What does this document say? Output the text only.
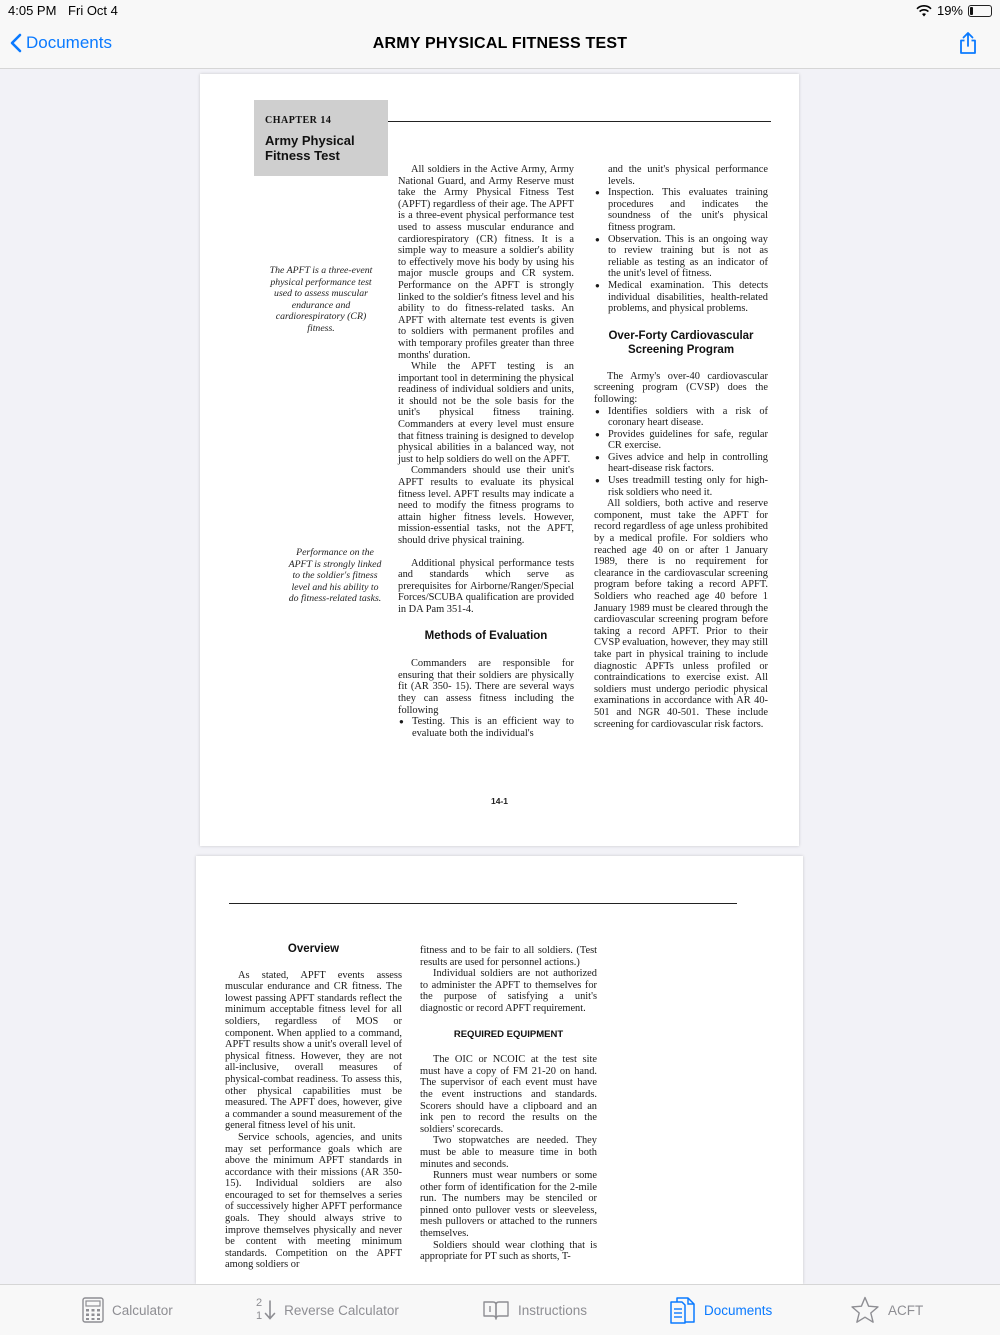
4:05 PM Fri Oct 4	19%
Documents	ARMY PHYSICAL FITNESS TEST
CHAPTER 14
Army Physical
Fitness Test
The APFT is a three-event physical performance test used to assess muscular endurance and cardiorespiratory (CR) fitness.
Performance on the APFT is strongly linked to the soldier's fitness level and his ability to do fitness-related tasks.

All soldiers in the Active Army, Army National Guard, and Army Reserve must take the Army Physical Fitness Test (APFT) regardless of their age. The APFT is a three-event physical performance test used to assess muscular endurance and cardiorespiratory (CR) fitness. It is a simple way to measure a soldier's ability to effectively move his body by using his major muscle groups and CR system. Performance on the APFT is strongly linked to the soldier's fitness level and his ability to do fitness-related tasks. An APFT with alternate test events is given to soldiers with permanent profiles and with temporary profiles greater than three months' duration.

While the APFT testing is an important tool in determining the physical readiness of individual soldiers and units, it should not be the sole basis for the unit's physical fitness training. Commanders at every level must ensure that fitness training is designed to develop physical abilities in a balanced way, not just to help soldiers do well on the APFT.

Commanders should use their unit's APFT results to evaluate its physical fitness level. APFT results may indicate a need to modify the fitness programs to attain higher fitness levels. However, mission-essential tasks, not the APFT, should drive physical training.

Additional physical performance tests and standards which serve as prerequisites for Airborne/Ranger/Special Forces/SCUBA qualification are provided in DA Pam 351-4.

Methods of Evaluation

Commanders are responsible for ensuring that their soldiers are physically fit (AR 350- 15). There are several ways they can assess fitness including the following

● Testing. This is an efficient way to evaluate both the individual's

and the unit's physical performance levels.

● Inspection. This evaluates training procedures and indicates the soundness of the unit's physical fitness program.

● Observation. This is an ongoing way to review training but is not as reliable as testing as an indicator of the unit's level of fitness.

● Medical examination. This detects individual disabilities, health-related problems, and physical problems.

Over-Forty Cardiovascular
Screening Program

The Army's over-40 cardiovascular screening program (CVSP) does the following:

● Identifies soldiers with a risk of coronary heart disease.

● Provides guidelines for safe, regular CR exercise.

● Gives advice and help in controlling heart-disease risk factors.

● Uses treadmill testing only for high-risk soldiers who need it.

All soldiers, both active and reserve component, must take the APFT for record regardless of age unless prohibited by a medical profile. For soldiers who reached age 40 on or after 1 January 1989, there is no requirement for clearance in the cardiovascular screening program before taking a record APFT. Soldiers who reached age 40 before 1 January 1989 must be cleared through the cardiovascular screening program before taking a record APFT. Prior to their CVSP evaluation, however, they may still take part in physical training to include diagnostic APFTs unless profiled or contraindications to exercise exist. All soldiers must undergo periodic physical examinations in accordance with AR 40-501 and NGR 40-501. These include screening for cardiovascular risk factors.

14-1
Overview

As stated, APFT events assess muscular endurance and CR fitness. The lowest passing APFT standards reflect the minimum acceptable fitness level for all soldiers, regardless of MOS or component. When applied to a command, APFT results show a unit's overall level of physical fitness. However, they are not all-inclusive, overall measures of physical-combat readiness. To assess this, other physical capabilities must be measured. The APFT does, however, give a commander a sound measurement of the general fitness level of his unit.

Service schools, agencies, and units may set performance goals which are above the minimum APFT standards in accordance with their missions (AR 350- 15). Individual soldiers are also encouraged to set for themselves a series of successively higher APFT performance goals. They should always strive to improve themselves physically and never be content with meeting minimum standards. Competition on the APFT among soldiers or

fitness and to be fair to all soldiers. (Test results are used for personnel actions.)

Individual soldiers are not authorized to administer the APFT to themselves for the purpose of satisfying a unit's diagnostic or record APFT requirement.

REQUIRED EQUIPMENT

The OIC or NCOIC at the test site must have a copy of FM 21-20 on hand. The supervisor of each event must have the event instructions and standards. Scorers should have a clipboard and an ink pen to record the results on the soldiers' scorecards.

Two stopwatches are needed. They must be able to measure time in both minutes and seconds.

Runners must wear numbers or some other form of identification for the 2-mile run. The numbers may be stenciled or pinned onto pullover vests or sleeveless, mesh pullovers or attached to the runners themselves.

Soldiers should wear clothing that is appropriate for PT such as shorts, T-

Calculator	2
1 Reverse Calculator	Instructions	Documents	ACFT
